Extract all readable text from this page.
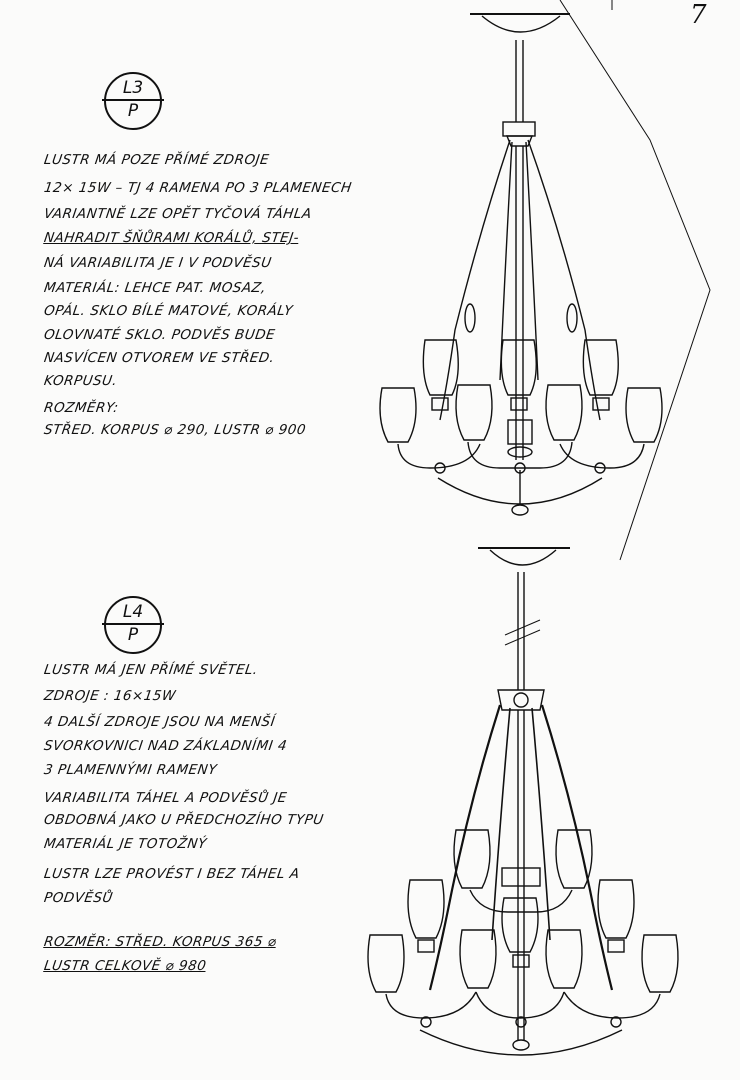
7
L3
P
LUSTR MÁ POZE PŘÍMÉ ZDROJE
12× 15W – TJ 4 RAMENA PO 3 PLAMENECH
VARIANTNĚ LZE OPĚT TYČOVÁ TÁHLA
NAHRADIT ŠŇŮRAMI KORÁLŮ, STEJ-
NÁ VARIABILITA JE I V PODVĚSU
MATERIÁL: LEHCE PAT. MOSAZ,
OPÁL. SKLO BÍLÉ MATOVÉ, KORÁLY
OLOVNATÉ SKLO. PODVĚS BUDE
NASVÍCEN OTVOREM VE STŘED.
KORPUSU.
ROZMĚRY:
STŘED. KORPUS ⌀ 290, LUSTR ⌀ 900
L4
P
LUSTR MÁ JEN PŘÍMÉ SVĚTEL.
ZDROJE : 16×15W
4 DALŠÍ ZDROJE JSOU NA MENŠÍ
SVORKOVNICI NAD ZÁKLADNÍMI 4
3 PLAMENNÝMI RAMENY
VARIABILITA TÁHEL A PODVĚSŮ JE
OBDOBNÁ JAKO U PŘEDCHOZÍHO TYPU
MATERIÁL JE TOTOŽNÝ
LUSTR LZE PROVÉST I BEZ TÁHEL A
PODVĚSŮ
ROZMĚR: STŘED. KORPUS 365 ⌀
LUSTR CELKOVĚ ⌀ 980
